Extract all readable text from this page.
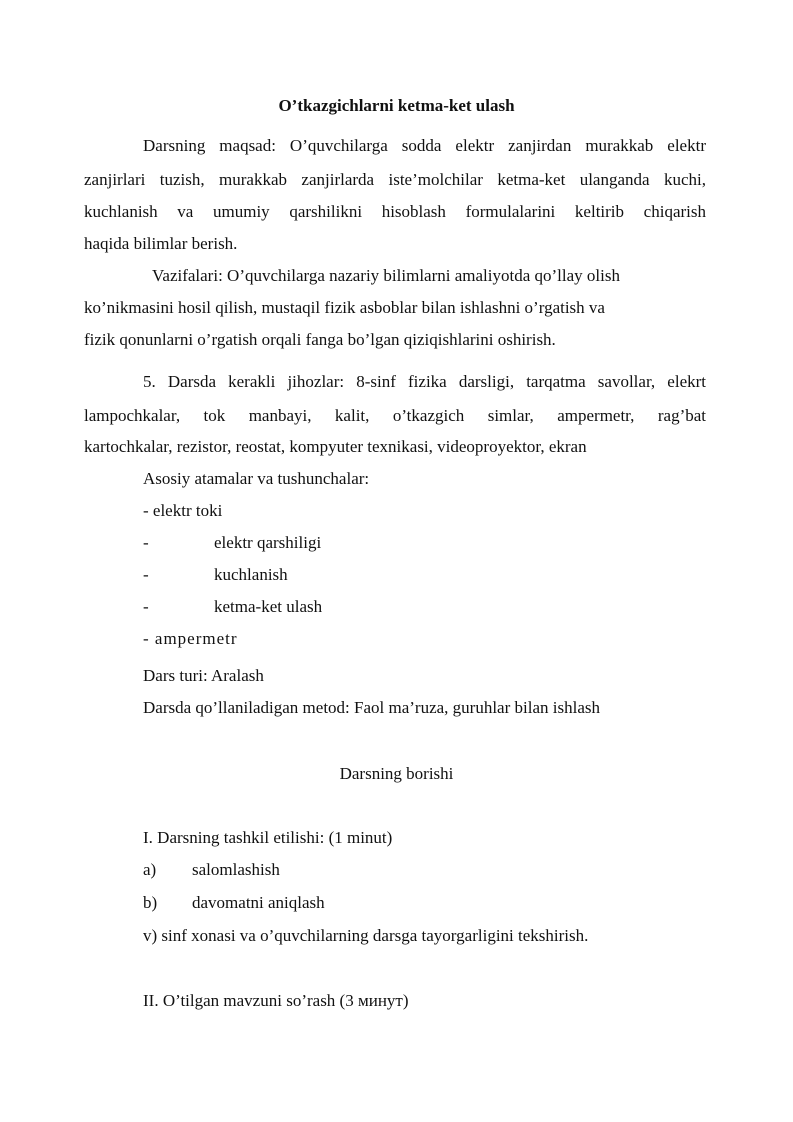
O’tkazgichlarni ketma-ket ulash
Darsning maqsad: O’quvchilarga sodda elektr zanjirdan murakkab elektr
zanjirlari tuzish, murakkab zanjirlarda iste’molchilar ketma-ket ulanganda kuchi,
kuchlanish va umumiy qarshilikni hisoblash formulalarini keltirib chiqarish
haqida bilimlar berish.
Vazifalari: O’quvchilarga nazariy bilimlarni amaliyotda qo’llay olish
ko’nikmasini hosil qilish, mustaqil fizik asboblar bilan ishlashni o’rgatish va
fizik qonunlarni o’rgatish orqali fanga bo’lgan qiziqishlarini oshirish.
5. Darsda kerakli jihozlar: 8-sinf fizika darsligi, tarqatma savollar, elekrt
lampochkalar, tok manbayi, kalit, o’tkazgich simlar, ampermetr, rag’bat
kartochkalar, rezistor, reostat, kompyuter texnikasi, videoproyektor, ekran
Asosiy atamalar va tushunchalar:
- elektr toki
-	elektr qarshiligi
-	kuchlanish
-	ketma-ket ulash
- ampermetr
Dars turi: Aralash
Darsda qo’llaniladigan metod: Faol ma’ruza, guruhlar bilan ishlash
Darsning borishi
I. Darsning tashkil etilishi: (1 minut)
a) salomlashish
b) davomatni aniqlash
v) sinf xonasi va o’quvchilarning darsga tayorgarligini tekshirish.
II. O’tilgan mavzuni so’rash (3 минут)
